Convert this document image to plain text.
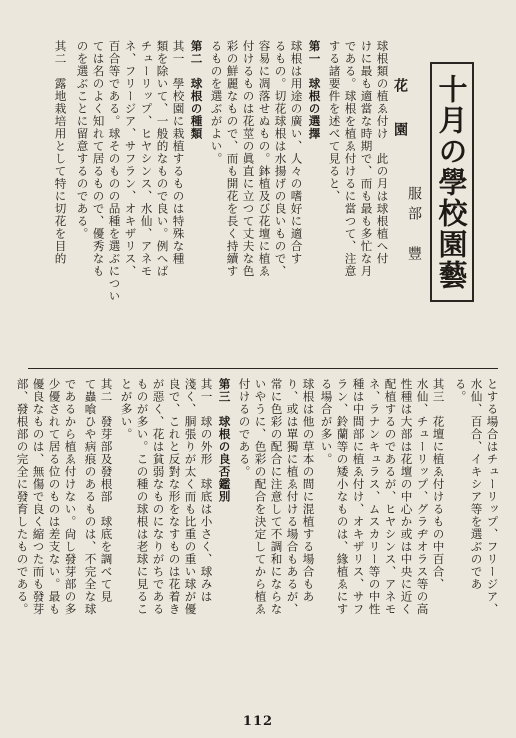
十月の學校園藝
服部　豐
花　園
球根類の植ゑ付け　此の月は球根植へ付
けに最も適當な時期で、而も最も多忙な月
である。球根を植ゑ付けるに當つて、注意
する諸要件を述べて見ると、
第一　球根の選擇
球根は用途の廣い、人々の嗜好に適合す
るもの。切花球根は水揚げの良いもので、
容易に凋落せぬもの。鉢植及び花壇に植ゑ
付けるものは花莖の眞直に立つて丈夫な色
彩の鮮麗なもので、而も開花を長く持續す
るものを選ぶがよい。
第二　球根の種類
其一　學校園に栽植するものは特殊な種
類を除いて、一般的なもので良い。例へば
チューリップ、ヒヤシンス、水仙、アネモ
ネ、フリージア、サフラン、オキザリス、
百合等である。球そのものの品種を選ぶについ
ては名のよく知れて居るもので、優秀なも
のを選ぶことに留意するのである。
其二　露地栽培用として特に切花を目的
とする場合はチューリップ、フリージア、
水仙、百合、イキシア等を選ぶのであ
る。
其三　花壇に植ゑ付けるもの中百合、
水仙、チューリップ、グラヂオラス等の高
性種は大部は花壇の中心か或は中央に近く
配植するのであるが、ヒヤシンス、アネモ
ネ、ラナンキュラス、ムスカリー等の中性
種は中間部に植ゑ付け、オキザリス、サフ
ラン、鈴蘭等の矮小なものは、緣植ゑにす
る場合が多い。
球根は他の草本の間に混植する場合もあ
り、或は單獨に植ゑ付ける場合もあるが、
常に色彩の配合に注意して不調和にならな
いやうに、色彩の配合を決定してから植ゑ
付けるのである。
第三　球根の良否鑑別
其一　球の外形　球底は小さく、球みは
淺く、胴張りが太く而も比重の重い球が優
良で、これと反對な形をなすものは花着き
が惡く、花は貧弱なものになりがちである
ものが多い。この種の球根は老球に見るこ
とが多い。
其二　發芽部及發根部　球底を調べて見
て蟲喰ひや病痕のあるものは、不完全な球
であるから植ゑ付けない。尙し發芽部の多
少優されて居る位のものは差支ない。最も
優良なものは、無傷で良く縮つた而も發芽
部、發根部の完全に發育したものである。
112
